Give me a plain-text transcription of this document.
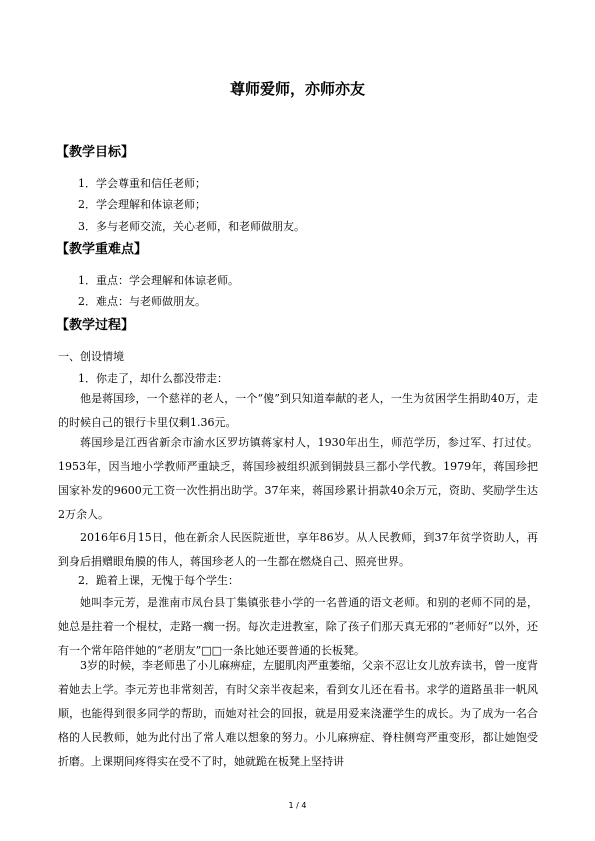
尊师爱师，亦师亦友
【教学目标】
1．学会尊重和信任老师；
2．学会理解和体谅老师；
3．多与老师交流，关心老师，和老师做朋友。
【教学重难点】
1．重点：学会理解和体谅老师。
2．难点：与老师做朋友。
【教学过程】
一、创设情境
1．你走了，却什么都没带走：
他是蒋国珍，一个慈祥的老人，一个“傻”到只知道奉献的老人，一生为贫困学生捐助40万，走的时候自己的银行卡里仅剩1.36元。
蒋国珍是江西省新余市渝水区罗坊镇蒋家村人，1930年出生，师范学历，参过军、打过仗。1953年，因当地小学教师严重缺乏，蒋国珍被组织派到铜鼓县三都小学代教。1979年，蒋国珍把国家补发的9600元工资一次性捐出助学。37年来，蒋国珍累计捐款40余万元，资助、奖励学生达2万余人。
2016年6月15日，他在新余人民医院逝世，享年86岁。从人民教师，到37年贫学资助人，再到身后捐赠眼角膜的伟人，蒋国珍老人的一生都在燃烧自己、照亮世界。
2．跪着上课，无愧于每个学生：
她叫李元芳，是淮南市凤台县丁集镇张巷小学的一名普通的语文老师。和别的老师不同的是，她总是拄着一个棍杖，走路一瘸一拐。每次走进教室，除了孩子们那天真无邪的“老师好”以外，还有一个常年陪伴她的“老朋友”□□一条比她还要普通的长板凳。
3岁的时候，李老师患了小儿麻痹症，左腿肌肉严重萎缩，父亲不忍让女儿放弃读书，曾一度背着她去上学。李元芳也非常刻苦，有时父亲半夜起来，看到女儿还在看书。求学的道路虽非一帆风顺，也能得到很多同学的帮助，而她对社会的回报，就是用爱来浇灌学生的成长。为了成为一名合格的人民教师，她为此付出了常人难以想象的努力。小儿麻痹症、脊柱侧弯严重变形，都让她饱受折磨。上课期间疼得实在受不了时，她就跪在板凳上坚持讲
1 / 4
